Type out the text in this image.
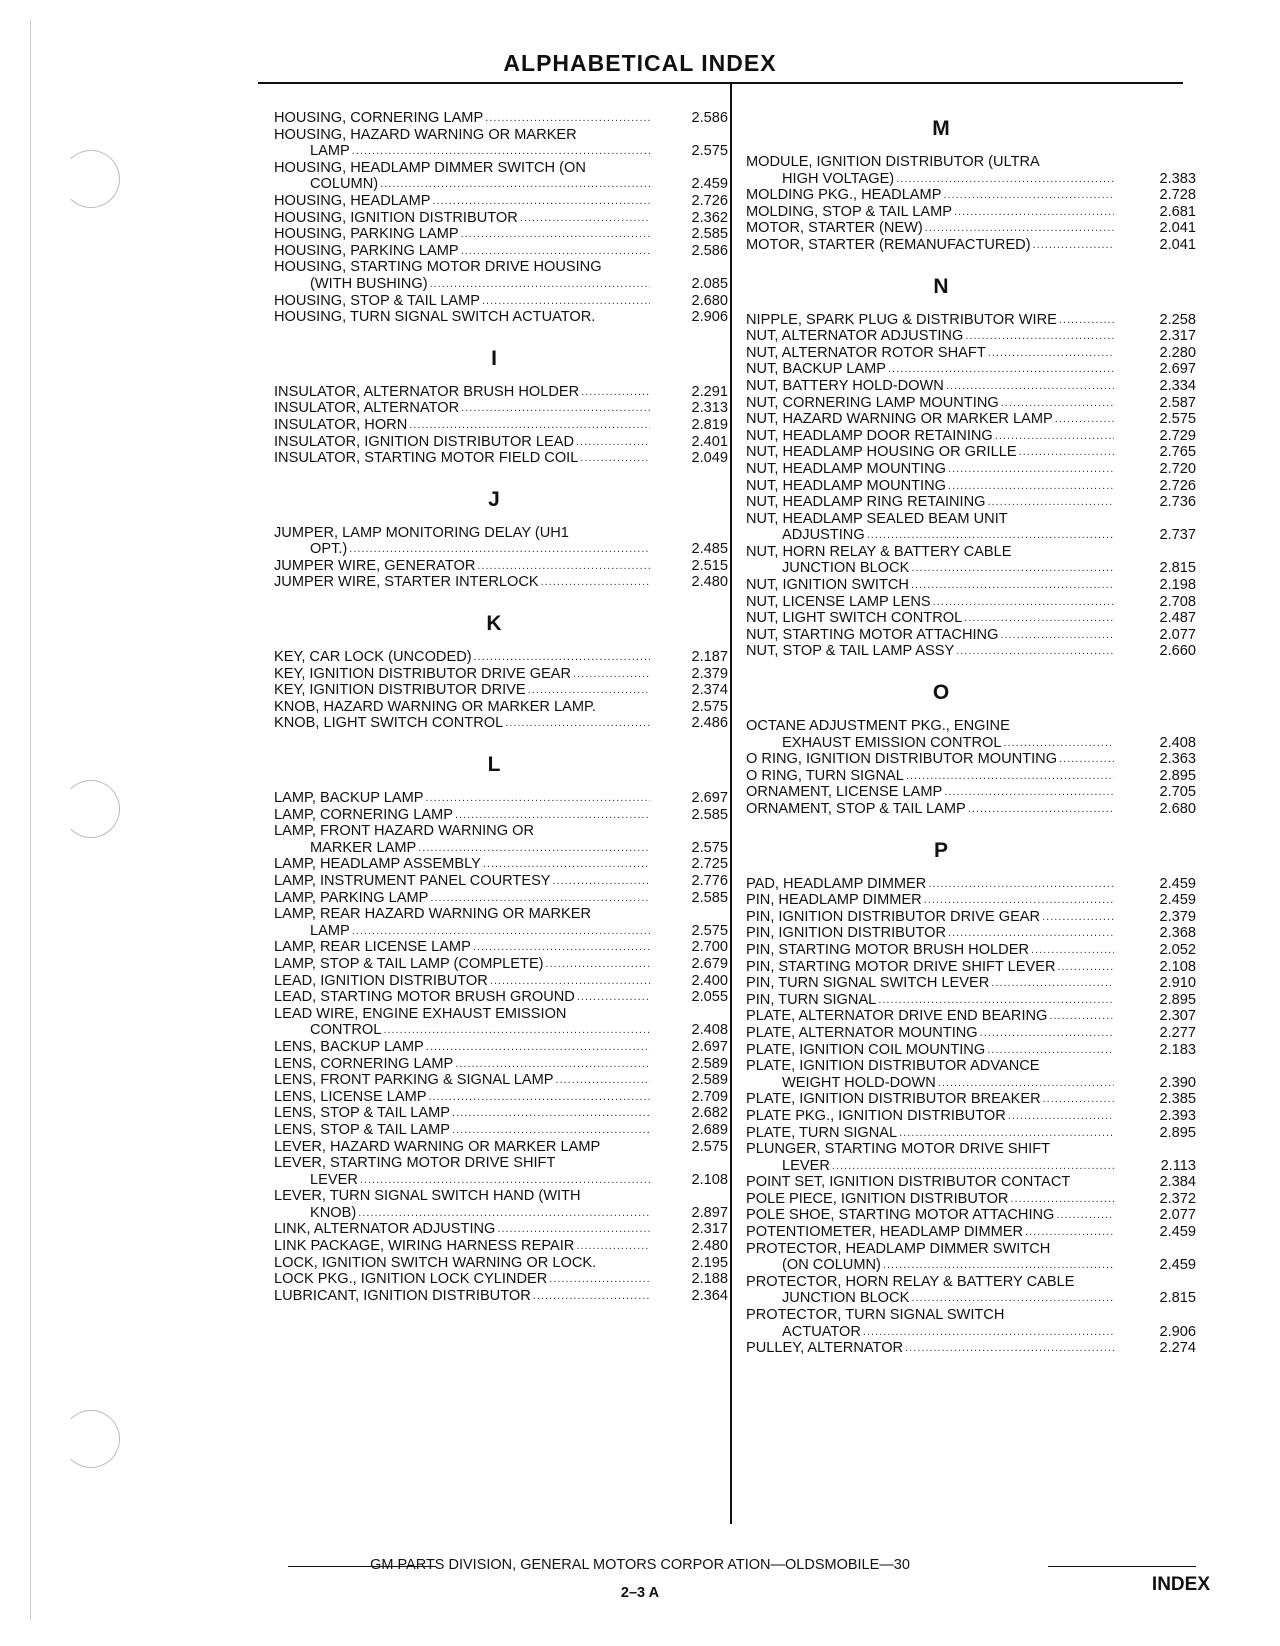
ALPHABETICAL INDEX
HOUSING, CORNERING LAMP .....	2.586
HOUSING, HAZARD WARNING OR MARKER
LAMP .....	2.575
HOUSING, HEADLAMP DIMMER SWITCH (ON
COLUMN) .....	2.459
HOUSING, HEADLAMP .....	2.726
HOUSING, IGNITION DISTRIBUTOR .....	2.362
HOUSING, PARKING LAMP .....	2.585
HOUSING, PARKING LAMP .....	2.586
HOUSING, STARTING MOTOR DRIVE HOUSING
(WITH BUSHING) .....	2.085
HOUSING, STOP & TAIL LAMP .....	2.680
HOUSING, TURN SIGNAL SWITCH ACTUATOR.	2.906
I
INSULATOR, ALTERNATOR BRUSH HOLDER .....	2.291
INSULATOR, ALTERNATOR .....	2.313
INSULATOR, HORN .....	2.819
INSULATOR, IGNITION DISTRIBUTOR LEAD .....	2.401
INSULATOR, STARTING MOTOR FIELD COIL .....	2.049
J
JUMPER, LAMP MONITORING DELAY (UH1
OPT.) .....	2.485
JUMPER WIRE, GENERATOR .....	2.515
JUMPER WIRE, STARTER INTERLOCK .....	2.480
K
KEY, CAR LOCK (UNCODED) .....	2.187
KEY, IGNITION DISTRIBUTOR DRIVE GEAR .....	2.379
KEY, IGNITION DISTRIBUTOR DRIVE .....	2.374
KNOB, HAZARD WARNING OR MARKER LAMP.	2.575
KNOB, LIGHT SWITCH CONTROL .....	2.486
L
LAMP, BACKUP LAMP .....	2.697
LAMP, CORNERING LAMP .....	2.585
LAMP, FRONT HAZARD WARNING OR
MARKER LAMP .....	2.575
LAMP, HEADLAMP ASSEMBLY .....	2.725
LAMP, INSTRUMENT PANEL COURTESY .....	2.776
LAMP, PARKING LAMP .....	2.585
LAMP, REAR HAZARD WARNING OR MARKER
LAMP .....	2.575
LAMP, REAR LICENSE LAMP .....	2.700
LAMP, STOP & TAIL LAMP (COMPLETE) .....	2.679
LEAD, IGNITION DISTRIBUTOR .....	2.400
LEAD, STARTING MOTOR BRUSH GROUND .....	2.055
LEAD WIRE, ENGINE EXHAUST EMISSION
CONTROL .....	2.408
LENS, BACKUP LAMP .....	2.697
LENS, CORNERING LAMP .....	2.589
LENS, FRONT PARKING & SIGNAL LAMP .....	2.589
LENS, LICENSE LAMP .....	2.709
LENS, STOP & TAIL LAMP .....	2.682
LENS, STOP & TAIL LAMP .....	2.689
LEVER, HAZARD WARNING OR MARKER LAMP	2.575
LEVER, STARTING MOTOR DRIVE SHIFT
LEVER .....	2.108
LEVER, TURN SIGNAL SWITCH HAND (WITH
KNOB) .....	2.897
LINK, ALTERNATOR ADJUSTING .....	2.317
LINK PACKAGE, WIRING HARNESS REPAIR .....	2.480
LOCK, IGNITION SWITCH WARNING OR LOCK.	2.195
LOCK PKG., IGNITION LOCK CYLINDER .....	2.188
LUBRICANT, IGNITION DISTRIBUTOR .....	2.364
M
MODULE, IGNITION DISTRIBUTOR (ULTRA
HIGH VOLTAGE) .....	2.383
MOLDING PKG., HEADLAMP .....	2.728
MOLDING, STOP & TAIL LAMP .....	2.681
MOTOR, STARTER (NEW) .....	2.041
MOTOR, STARTER (REMANUFACTURED) .....	2.041
N
NIPPLE, SPARK PLUG & DISTRIBUTOR WIRE .....	2.258
NUT, ALTERNATOR ADJUSTING .....	2.317
NUT, ALTERNATOR ROTOR SHAFT .....	2.280
NUT, BACKUP LAMP .....	2.697
NUT, BATTERY HOLD-DOWN .....	2.334
NUT, CORNERING LAMP MOUNTING .....	2.587
NUT, HAZARD WARNING OR MARKER LAMP .....	2.575
NUT, HEADLAMP DOOR RETAINING .....	2.729
NUT, HEADLAMP HOUSING OR GRILLE .....	2.765
NUT, HEADLAMP MOUNTING .....	2.720
NUT, HEADLAMP MOUNTING .....	2.726
NUT, HEADLAMP RING RETAINING .....	2.736
NUT, HEADLAMP SEALED BEAM UNIT
ADJUSTING .....	2.737
NUT, HORN RELAY & BATTERY CABLE
JUNCTION BLOCK .....	2.815
NUT, IGNITION SWITCH .....	2.198
NUT, LICENSE LAMP LENS .....	2.708
NUT, LIGHT SWITCH CONTROL .....	2.487
NUT, STARTING MOTOR ATTACHING .....	2.077
NUT, STOP & TAIL LAMP ASSY .....	2.660
O
OCTANE ADJUSTMENT PKG., ENGINE
EXHAUST EMISSION CONTROL .....	2.408
O RING, IGNITION DISTRIBUTOR MOUNTING .....	2.363
O RING, TURN SIGNAL .....	2.895
ORNAMENT, LICENSE LAMP .....	2.705
ORNAMENT, STOP & TAIL LAMP .....	2.680
P
PAD, HEADLAMP DIMMER .....	2.459
PIN, HEADLAMP DIMMER .....	2.459
PIN, IGNITION DISTRIBUTOR DRIVE GEAR .....	2.379
PIN, IGNITION DISTRIBUTOR .....	2.368
PIN, STARTING MOTOR BRUSH HOLDER .....	2.052
PIN, STARTING MOTOR DRIVE SHIFT LEVER .....	2.108
PIN, TURN SIGNAL SWITCH LEVER .....	2.910
PIN, TURN SIGNAL .....	2.895
PLATE, ALTERNATOR DRIVE END BEARING .....	2.307
PLATE, ALTERNATOR MOUNTING .....	2.277
PLATE, IGNITION COIL MOUNTING .....	2.183
PLATE, IGNITION DISTRIBUTOR ADVANCE
WEIGHT HOLD-DOWN .....	2.390
PLATE, IGNITION DISTRIBUTOR BREAKER .....	2.385
PLATE PKG., IGNITION DISTRIBUTOR .....	2.393
PLATE, TURN SIGNAL .....	2.895
PLUNGER, STARTING MOTOR DRIVE SHIFT
LEVER .....	2.113
POINT SET, IGNITION DISTRIBUTOR CONTACT	2.384
POLE PIECE, IGNITION DISTRIBUTOR .....	2.372
POLE SHOE, STARTING MOTOR ATTACHING .....	2.077
POTENTIOMETER, HEADLAMP DIMMER .....	2.459
PROTECTOR, HEADLAMP DIMMER SWITCH
(ON COLUMN) .....	2.459
PROTECTOR, HORN RELAY & BATTERY CABLE
JUNCTION BLOCK .....	2.815
PROTECTOR, TURN SIGNAL SWITCH
ACTUATOR .....	2.906
PULLEY, ALTERNATOR .....	2.274
GM PARTS DIVISION, GENERAL MOTORS CORPOR ATION—OLDSMOBILE—30
2–3 A	INDEX
